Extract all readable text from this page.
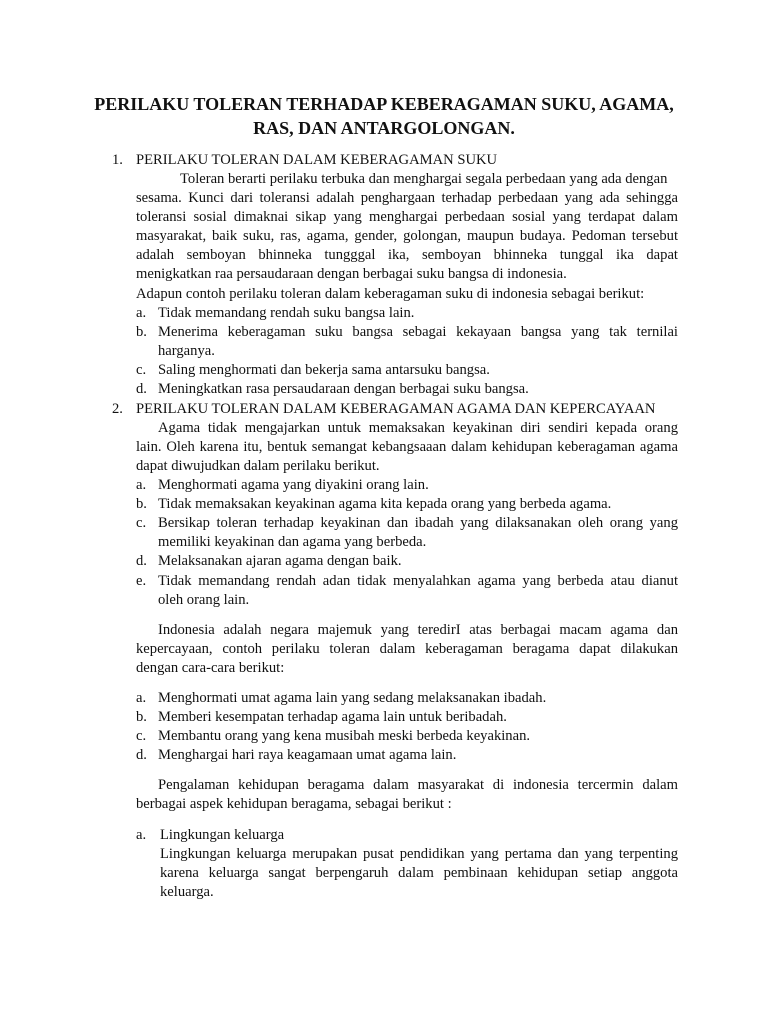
PERILAKU TOLERAN TERHADAP KEBERAGAMAN SUKU, AGAMA,
RAS, DAN ANTARGOLONGAN.
1. PERILAKU TOLERAN DALAM KEBERAGAMAN SUKU
Toleran berarti perilaku terbuka dan menghargai segala perbedaan yang ada dengan
sesama. Kunci dari toleransi adalah penghargaan terhadap perbedaan yang ada sehingga
toleransi sosial dimaknai sikap yang menghargai perbedaan sosial yang terdapat dalam
masyarakat, baik suku, ras, agama, gender, golongan, maupun budaya. Pedoman tersebut
adalah semboyan bhinneka tungggal ika, semboyan bhinneka tunggal ika dapat
menigkatkan raa persaudaraan dengan berbagai suku bangsa di indonesia.
Adapun contoh perilaku toleran dalam keberagaman suku di indonesia sebagai berikut:
a. Tidak memandang rendah suku bangsa lain.
b. Menerima keberagaman suku bangsa sebagai kekayaan bangsa yang tak ternilai
harganya.
c. Saling menghormati dan bekerja sama antarsuku bangsa.
d. Meningkatkan rasa persaudaraan dengan berbagai suku bangsa.
2. PERILAKU TOLERAN DALAM KEBERAGAMAN AGAMA DAN KEPERCAYAAN
Agama tidak mengajarkan untuk memaksakan keyakinan diri sendiri kepada orang
lain. Oleh karena itu, bentuk semangat kebangsaaan dalam kehidupan keberagaman agama
dapat diwujudkan dalam perilaku berikut.
a. Menghormati agama yang diyakini orang lain.
b. Tidak memaksakan keyakinan agama kita kepada orang yang berbeda agama.
c. Bersikap toleran terhadap keyakinan dan ibadah yang dilaksanakan oleh orang yang
memiliki keyakinan dan agama yang berbeda.
d. Melaksanakan ajaran agama dengan baik.
e. Tidak memandang rendah adan tidak menyalahkan agama yang berbeda atau dianut
oleh orang lain.
Indonesia adalah negara majemuk yang teredirI atas berbagai macam agama dan
kepercayaan, contoh perilaku toleran dalam keberagaman beragama dapat dilakukan
dengan cara-cara berikut:
a. Menghormati umat agama lain yang sedang melaksanakan ibadah.
b. Memberi kesempatan terhadap agama lain untuk beribadah.
c. Membantu orang yang kena musibah meski berbeda keyakinan.
d. Menghargai hari raya keagamaan umat agama lain.
Pengalaman kehidupan beragama dalam masyarakat di indonesia tercermin dalam
berbagai aspek kehidupan beragama, sebagai berikut :
a. Lingkungan keluarga
Lingkungan keluarga merupakan pusat pendidikan yang pertama dan yang terpenting
karena keluarga sangat berpengaruh dalam pembinaan kehidupan setiap anggota
keluarga.
